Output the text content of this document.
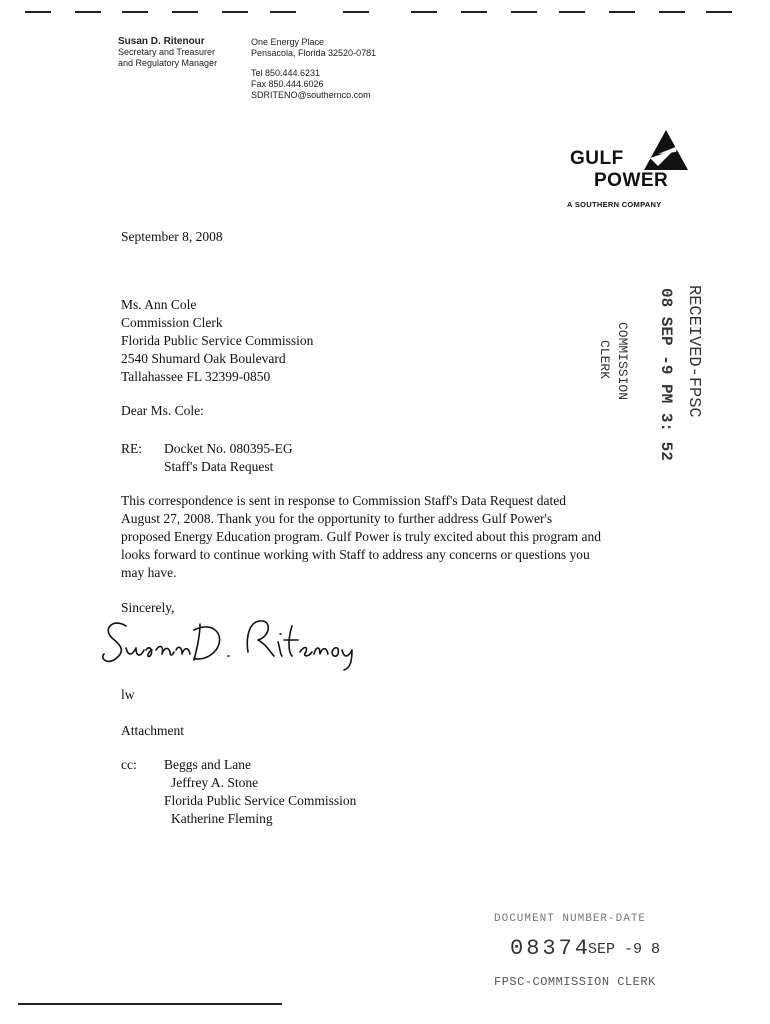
Susan D. Ritenour
Secretary and Treasurer
and Regulatory Manager
One Energy Place
Pensacola, Florida 32520-0781
Tel 850.444.6231
Fax 850.444.6026
SDRITENO@southernco.com
GULF
POWER
A SOUTHERN COMPANY
September 8, 2008
Ms. Ann Cole
Commission Clerk
Florida Public Service Commission
2540 Shumard Oak Boulevard
Tallahassee FL 32399-0850
Dear Ms. Cole:
RE: Docket No. 080395-EG
Staff's Data Request
This correspondence is sent in response to Commission Staff's Data Request dated
August 27, 2008. Thank you for the opportunity to further address Gulf Power's
proposed Energy Education program. Gulf Power is truly excited about this program and
looks forward to continue working with Staff to address any concerns or questions you
may have.
Sincerely,
lw
Attachment
cc: Beggs and Lane
Jeffrey A. Stone
Florida Public Service Commission
Katherine Fleming
RECEIVED-FPSC
08 SEP -9 PM 3: 52
COMMISSION
CLERK
DOCUMENT NUMBER-DATE
08374
SEP -9 8
FPSC-COMMISSION CLERK
